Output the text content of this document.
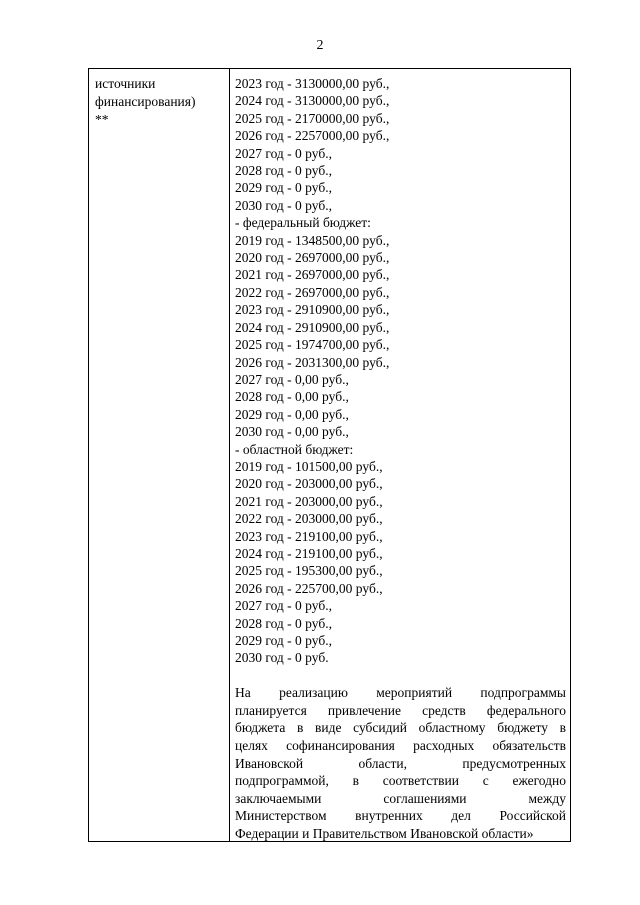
2
источники
финансирования)
**
2023 год - 3130000,00 руб.,
2024 год - 3130000,00 руб.,
2025 год - 2170000,00 руб.,
2026 год - 2257000,00 руб.,
2027 год - 0 руб.,
2028 год - 0 руб.,
2029 год - 0 руб.,
2030 год - 0 руб.,
- федеральный бюджет:
2019 год - 1348500,00 руб.,
2020 год - 2697000,00 руб.,
2021 год - 2697000,00 руб.,
2022 год - 2697000,00 руб.,
2023 год - 2910900,00 руб.,
2024 год - 2910900,00 руб.,
2025 год - 1974700,00 руб.,
2026 год - 2031300,00 руб.,
2027 год - 0,00 руб.,
2028 год - 0,00 руб.,
2029 год - 0,00 руб.,
2030 год - 0,00 руб.,
- областной бюджет:
2019 год - 101500,00 руб.,
2020 год - 203000,00 руб.,
2021 год - 203000,00 руб.,
2022 год - 203000,00 руб.,
2023 год - 219100,00 руб.,
2024 год - 219100,00 руб.,
2025 год - 195300,00 руб.,
2026 год - 225700,00 руб.,
2027 год - 0 руб.,
2028 год - 0 руб.,
2029 год - 0 руб.,
2030 год - 0 руб.
На реализацию мероприятий подпрограммы
планируется привлечение средств федерального
бюджета в виде субсидий областному бюджету в
целях софинансирования расходных обязательств
Ивановской области, предусмотренных
подпрограммой, в соответствии с ежегодно
заключаемыми соглашениями между
Министерством внутренних дел Российской
Федерации и Правительством Ивановской области»
